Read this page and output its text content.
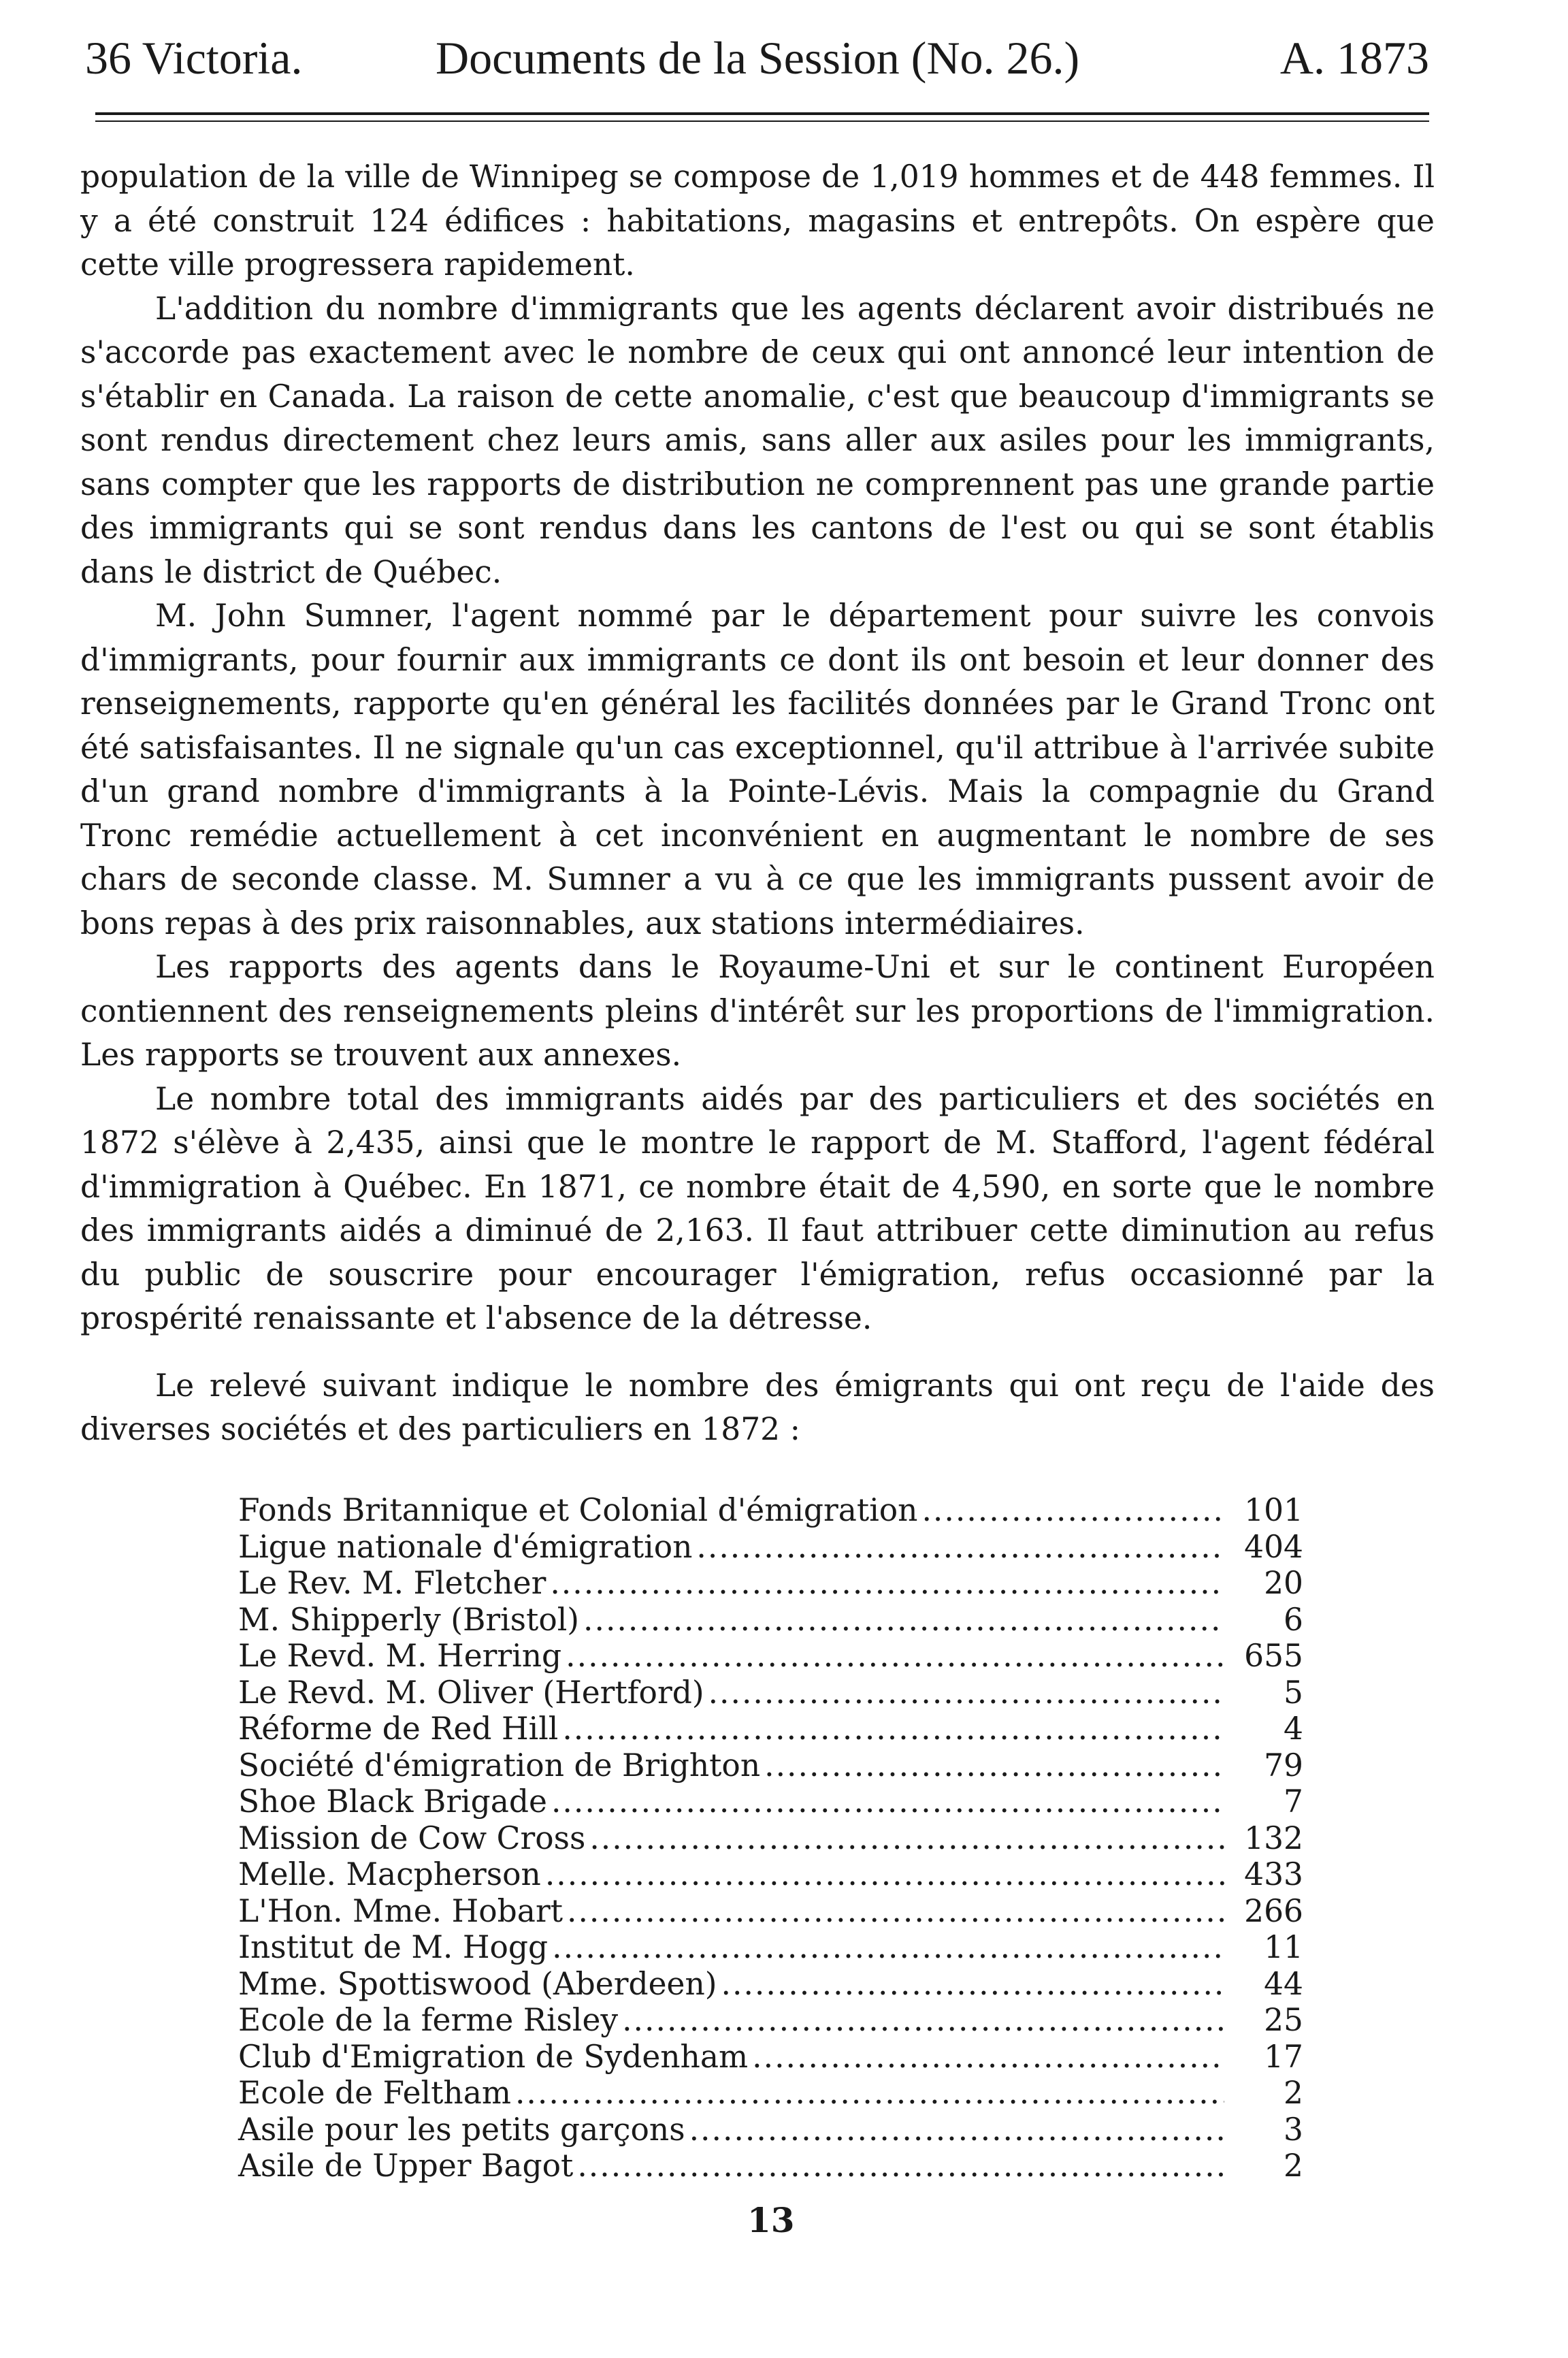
36 Victoria.	Documents de la Session (No. 26.)	A. 1873

population de la ville de Winnipeg se compose de 1,019 hommes et de 448 femmes. Il y a été construit 124 édifices : habitations, magasins et entrepôts. On espère que cette ville progressera rapidement.

L'addition du nombre d'immigrants que les agents déclarent avoir distribués ne s'accorde pas exactement avec le nombre de ceux qui ont annoncé leur intention de s'établir en Canada. La raison de cette anomalie, c'est que beaucoup d'immigrants se sont rendus directement chez leurs amis, sans aller aux asiles pour les immigrants, sans compter que les rapports de distribution ne comprennent pas une grande partie des immigrants qui se sont rendus dans les cantons de l'est ou qui se sont établis dans le district de Québec.

M. John Sumner, l'agent nommé par le département pour suivre les convois d'immigrants, pour fournir aux immigrants ce dont ils ont besoin et leur donner des renseignements, rapporte qu'en général les facilités données par le Grand Tronc ont été satisfaisantes. Il ne signale qu'un cas exceptionnel, qu'il attribue à l'arrivée subite d'un grand nombre d'immigrants à la Pointe-Lévis. Mais la compagnie du Grand Tronc remédie actuellement à cet inconvénient en augmentant le nombre de ses chars de seconde classe. M. Sumner a vu à ce que les immigrants pussent avoir de bons repas à des prix raisonnables, aux stations intermédiaires.

Les rapports des agents dans le Royaume-Uni et sur le continent Européen contiennent des renseignements pleins d'intérêt sur les proportions de l'immigration. Les rapports se trouvent aux annexes.

Le nombre total des immigrants aidés par des particuliers et des sociétés en 1872 s'élève à 2,435, ainsi que le montre le rapport de M. Stafford, l'agent fédéral d'immigration à Québec. En 1871, ce nombre était de 4,590, en sorte que le nombre des immigrants aidés a diminué de 2,163. Il faut attribuer cette diminution au refus du public de souscrire pour encourager l'émigration, refus occasionné par la prospérité renaissante et l'absence de la détresse.

Le relevé suivant indique le nombre des émigrants qui ont reçu de l'aide des diverses sociétés et des particuliers en 1872 :

Fonds Britannique et Colonial d'émigration .....	101
Ligue nationale d'émigration .....	404
Le Rev. M. Fletcher .....	20
M. Shipperly (Bristol) .....	6
Le Revd. M. Herring .....	655
Le Revd. M. Oliver (Hertford) .....	5
Réforme de Red Hill .....	4
Société d'émigration de Brighton .....	79
Shoe Black Brigade .....	7
Mission de Cow Cross .....	132
Melle. Macpherson .....	433
L'Hon. Mme. Hobart .....	266
Institut de M. Hogg .....	11
Mme. Spottiswood (Aberdeen) .....	44
Ecole de la ferme Risley .....	25
Club d'Emigration de Sydenham .....	17
Ecole de Feltham .....	2
Asile pour les petits garçons .....	3
Asile de Upper Bagot .....	2
13
